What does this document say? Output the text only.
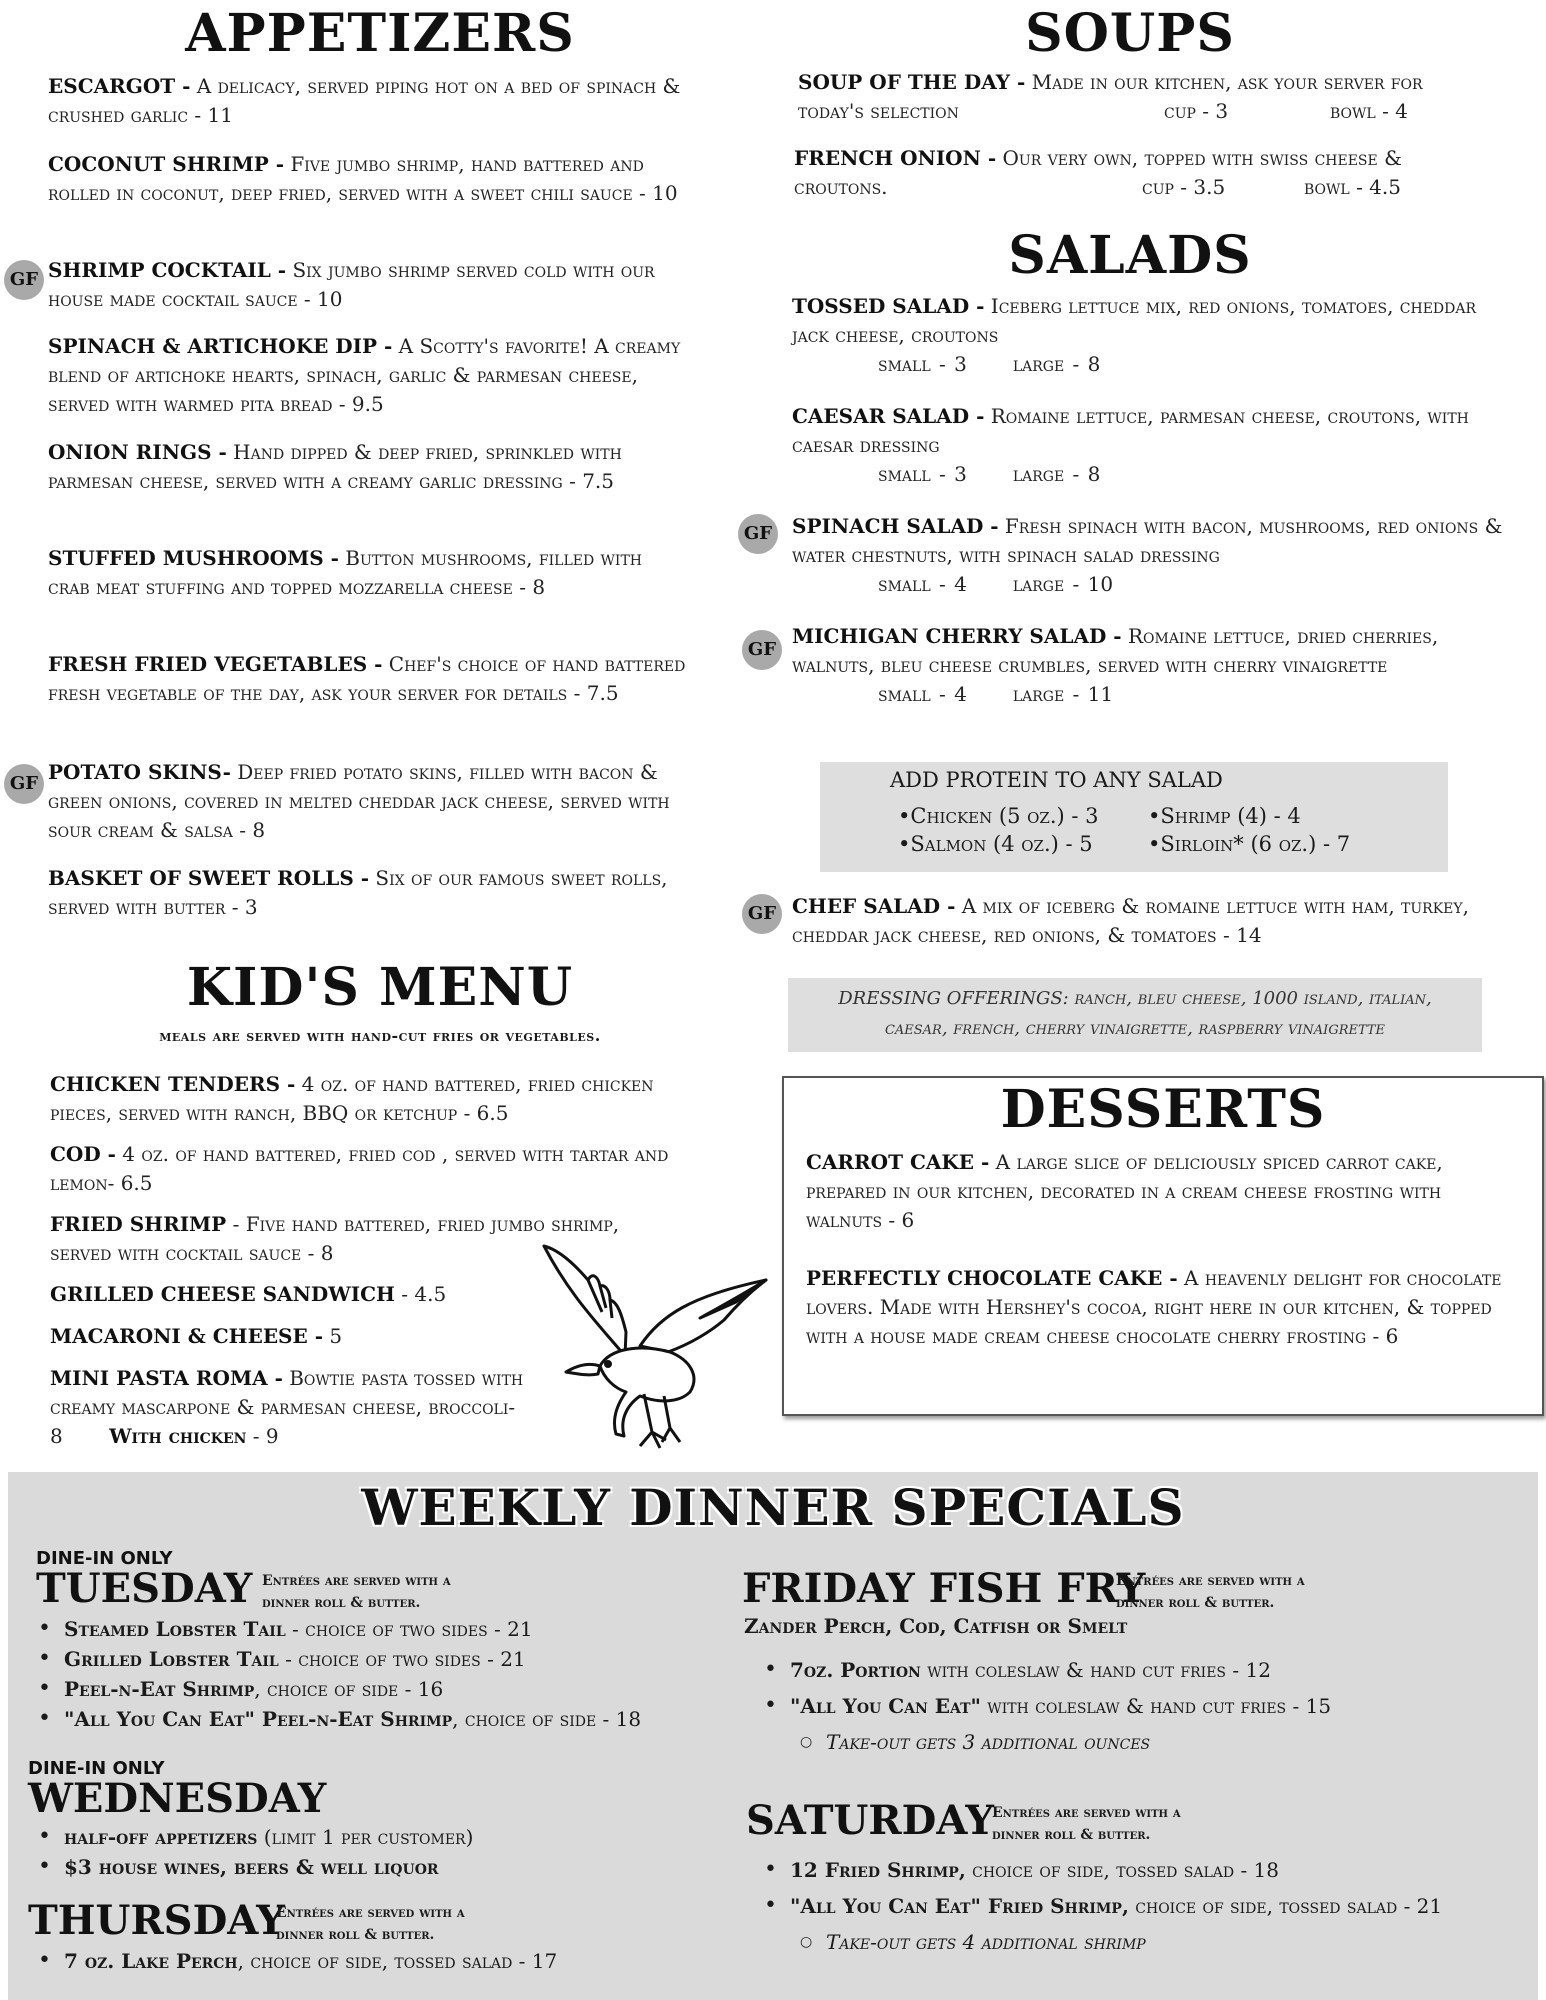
APPETIZERS
ESCARGOT - A delicacy, served piping hot on a bed of spinach & crushed garlic - 11
COCONUT SHRIMP - Five jumbo shrimp, hand battered and rolled in coconut, deep fried, served with a sweet chili sauce - 10
GF SHRIMP COCKTAIL - Six jumbo shrimp served cold with our house made cocktail sauce - 10
SPINACH & ARTICHOKE DIP - A Scotty's favorite! A creamy blend of artichoke hearts, spinach, garlic & parmesan cheese, served with warmed pita bread - 9.5
ONION RINGS - Hand dipped & deep fried, sprinkled with parmesan cheese, served with a creamy garlic dressing - 7.5
STUFFED MUSHROOMS - Button mushrooms, filled with crab meat stuffing and topped mozzarella cheese - 8
FRESH FRIED VEGETABLES - Chef's choice of hand battered fresh vegetable of the day, ask your server for details - 7.5
GF POTATO SKINS- Deep fried potato skins, filled with bacon & green onions, covered in melted cheddar jack cheese, served with sour cream & salsa - 8
BASKET OF SWEET ROLLS - Six of our famous sweet rolls, served with butter - 3
KID'S MENU
meals are served with hand-cut fries or vegetables.
CHICKEN TENDERS - 4 oz. of hand battered, fried chicken pieces, served with ranch, BBQ or ketchup - 6.5
COD - 4 oz. of hand battered, fried cod , served with tartar and lemon- 6.5
FRIED SHRIMP - Five hand battered, fried jumbo shrimp, served with cocktail sauce - 8
GRILLED CHEESE SANDWICH - 4.5
MACARONI & CHEESE - 5
MINI PASTA ROMA - Bowtie pasta tossed with creamy mascarpone & parmesan cheese, broccoli- 8 With chicken - 9
SOUPS
SOUP OF THE DAY - Made in our kitchen, ask your server for today's selection	cup - 3	bowl - 4
FRENCH ONION - Our very own, topped with swiss cheese & croutons.	cup - 3.5	bowl - 4.5
SALADS
TOSSED SALAD - Iceberg lettuce mix, red onions, tomatoes, cheddar jack cheese, croutons
small - 3 large - 8
CAESAR SALAD - Romaine lettuce, parmesan cheese, croutons, with caesar dressing
small - 3 large - 8
GF SPINACH SALAD - Fresh spinach with bacon, mushrooms, red onions & water chestnuts, with spinach salad dressing
small - 4 large - 10
GF
MICHIGAN CHERRY SALAD - Romaine lettuce, dried cherries, walnuts, bleu cheese crumbles, served with cherry vinaigrette
small - 4 large - 11
ADD PROTEIN TO ANY SALAD
• Chicken (5 oz.) - 3	• Shrimp (4) - 4
• Salmon (4 oz.) - 5	• Sirloin* (6 oz.) - 7
GF CHEF SALAD - A mix of iceberg & romaine lettuce with ham, turkey, cheddar jack cheese, red onions, & tomatoes - 14
DRESSING OFFERINGS: ranch, bleu cheese, 1000 island, italian,
caesar, french, cherry vinaigrette, raspberry vinaigrette
DESSERTS
CARROT CAKE - A large slice of deliciously spiced carrot cake, prepared in our kitchen, decorated in a cream cheese frosting with walnuts - 6
PERFECTLY CHOCOLATE CAKE - A heavenly delight for chocolate lovers. Made with Hershey's cocoa, right here in our kitchen, & topped with a house made cream cheese chocolate cherry frosting - 6
WEEKLY DINNER SPECIALS
DINE-IN ONLY
TUESDAY Entrées are served with a dinner roll & butter.
• Steamed Lobster Tail - choice of two sides - 21
• Grilled Lobster Tail - choice of two sides - 21
• Peel-n-Eat Shrimp, choice of side - 16
• "All You Can Eat" Peel-n-Eat Shrimp, choice of side - 18
DINE-IN ONLY
WEDNESDAY
• half-off appetizers (limit 1 per customer)
• $3 house wines, beers & well liquor
THURSDAY
Entrées are served with a dinner roll & butter.
• 7 oz. Lake Perch, choice of side, tossed salad - 17
FRIDAY FISH FRY
Entrées are served with a dinner roll & butter.
Zander Perch, Cod, Catfish or Smelt
• 7oz. Portion with coleslaw & hand cut fries - 12
• "All You Can Eat" with coleslaw & hand cut fries - 15
○ Take-out gets 3 additional ounces
SATURDAY
Entrées are served with a dinner roll & butter.
• 12 Fried Shrimp, choice of side, tossed salad - 18
• "All You Can Eat" Fried Shrimp, choice of side, tossed salad - 21
○ Take-out gets 4 additional shrimp
